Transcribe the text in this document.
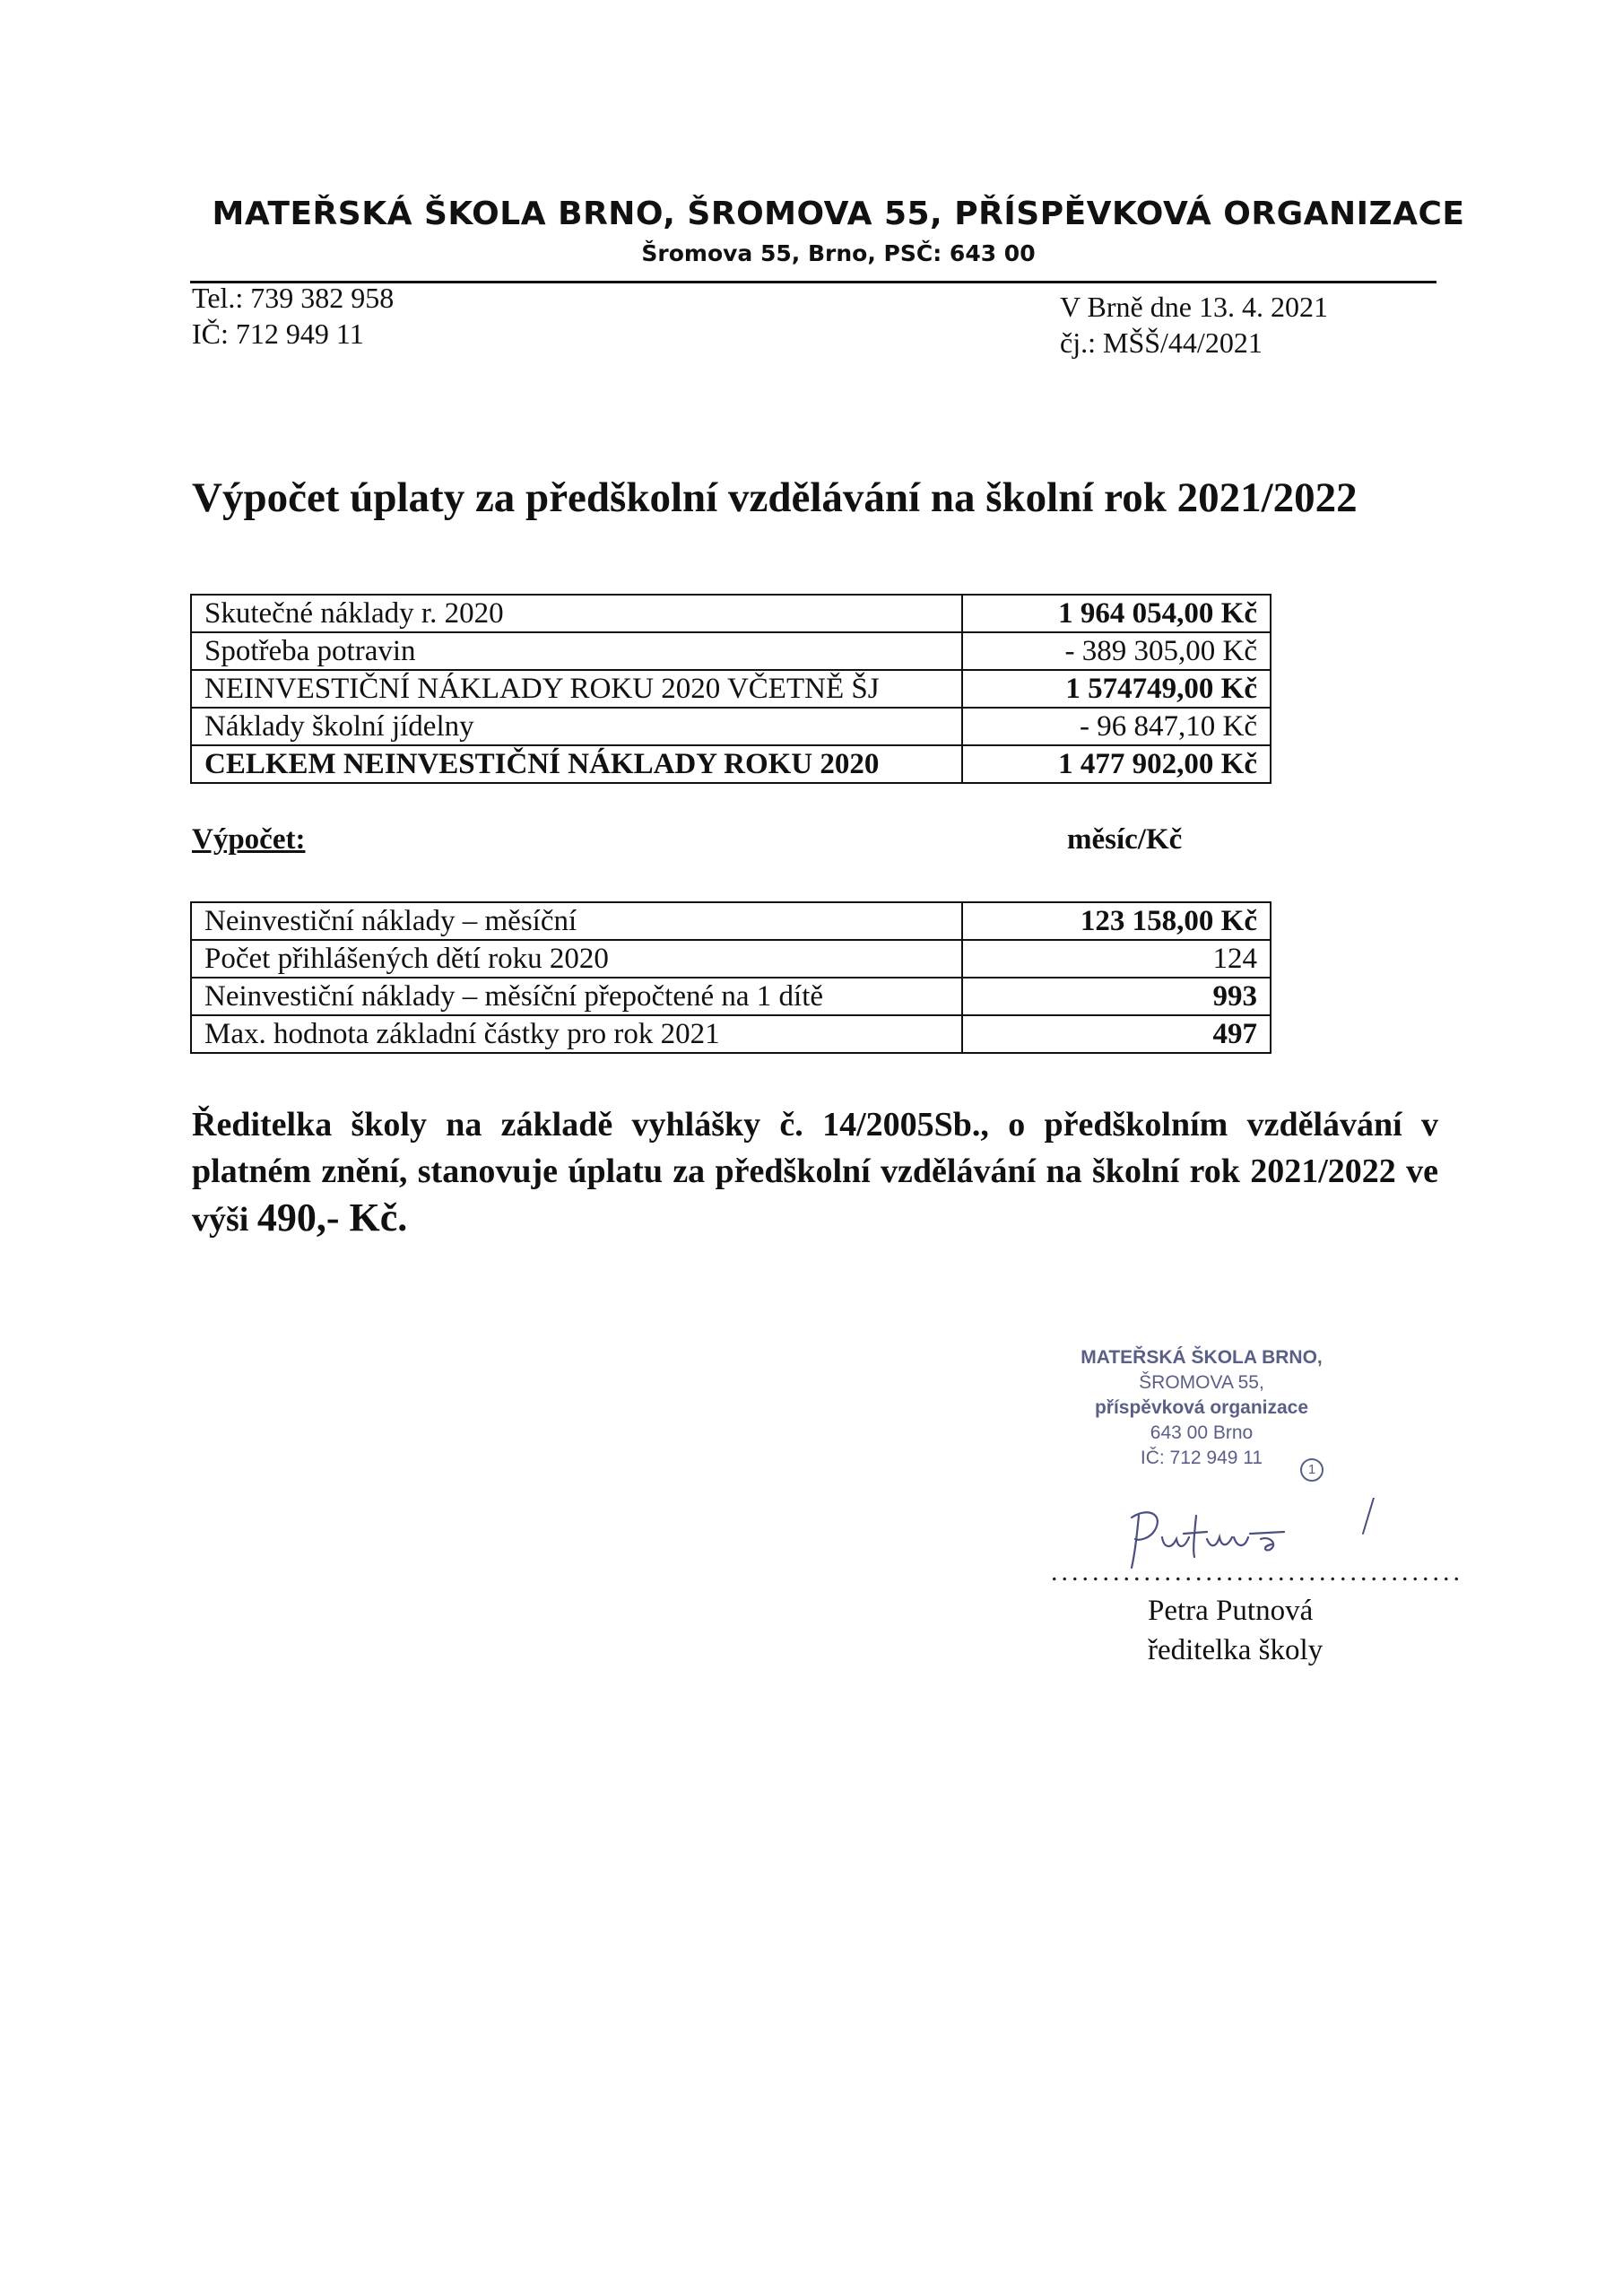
MATEŘSKÁ ŠKOLA BRNO, ŠROMOVA 55, PŘÍSPĚVKOVÁ ORGANIZACE
Šromova 55, Brno, PSČ: 643 00
Tel.: 739 382 958
IČ: 712 949 11
V Brně dne 13. 4. 2021
čj.: MŠŠ/44/2021
Výpočet úplaty za předškolní vzdělávání na školní rok 2021/2022
Skutečné náklady r. 2020	1 964 054,00 Kč
Spotřeba potravin	- 389 305,00 Kč
NEINVESTIČNÍ NÁKLADY ROKU 2020 VČETNĚ ŠJ	1 574749,00 Kč
Náklady školní jídelny	- 96 847,10 Kč
CELKEM NEINVESTIČNÍ NÁKLADY ROKU 2020	1 477 902,00 Kč
Výpočet:	měsíc/Kč
Neinvestiční náklady – měsíční	123 158,00 Kč
Počet přihlášených dětí roku 2020	124
Neinvestiční náklady – měsíční přepočtené na 1 dítě	993
Max. hodnota základní částky pro rok 2021	497
Ředitelka školy na základě vyhlášky č. 14/2005Sb., o předškolním vzdělávání v platném znění, stanovuje úplatu za předškolní vzdělávání na školní rok 2021/2022 ve výši 490,- Kč.
MATEŘSKÁ ŠKOLA BRNO,
ŠROMOVA 55,
příspěvková organizace
643 00 Brno
IČ: 712 949 11
1
........................................
Petra Putnová
ředitelka školy
